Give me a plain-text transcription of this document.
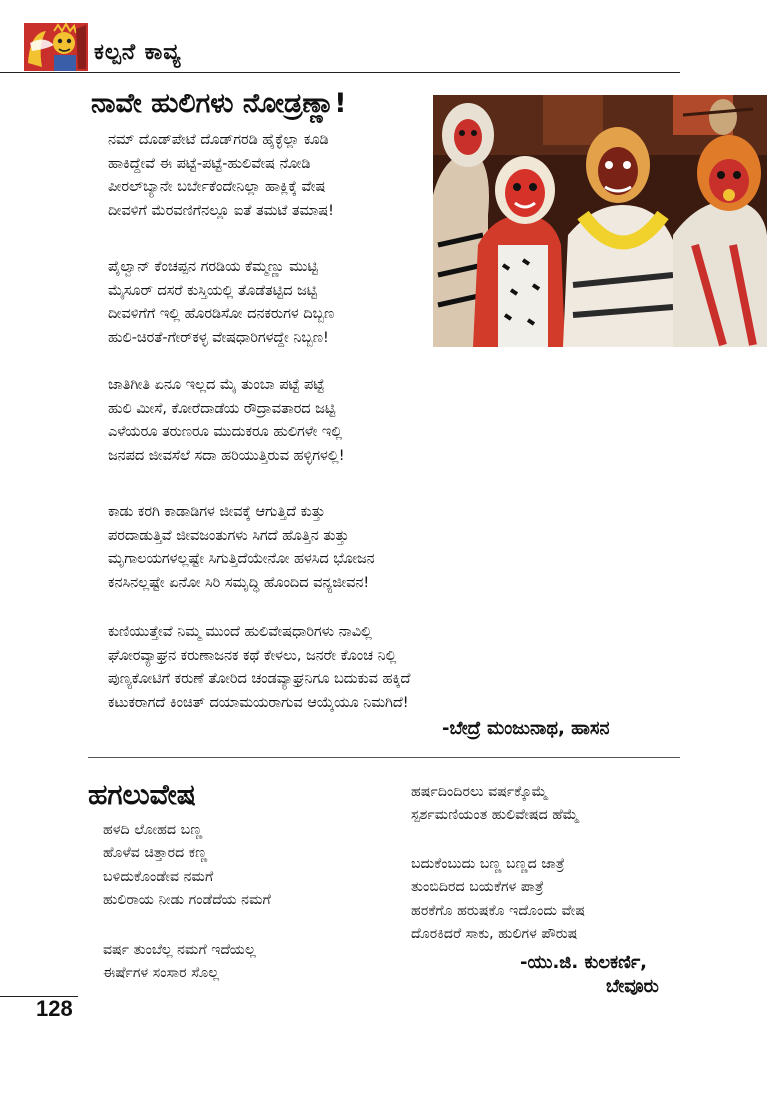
ಕಲ್ಪನೆ ಕಾವ್ಯ
ನಾವೇ ಹುಲಿಗಳು ನೋಡ್ರಣ್ಣಾ!
ನಮ್ ದೊಡ್‌ಪೇಟೆ ದೊಡ್‌ಗರಡಿ ಹೈಕ್ಳೆಲ್ಲಾ ಕೂಡಿ
ಹಾಕಿದ್ದೇವೆ ಈ ಪಟ್ಟೆ-ಪಟ್ಟೆ-ಹುಲಿವೇಷ ನೋಡಿ
ಪೀರಲ್‌ಬ್ಯಾನೇ ಬರ್ಬೇಕೆಂದೇನಿಲ್ಲಾ ಹಾಕ್ಲಿಕ್ಕೆ ವೇಷ
ದೀವಳಿಗೆ ಮೆರವಣಿಗೆನಲ್ಲೂ ಐತೆ ತಮಟೆ ತಮಾಷ!
ಪೈಲ್ವಾನ್ ಕೆಂಚಪ್ಪನ ಗರಡಿಯ ಕೆಮ್ಮಣ್ಣು ಮುಟ್ಟಿ
ಮೈಸೂರ್ ದಸರೆ ಕುಸ್ತಿಯಲ್ಲಿ ತೊಡೆತಟ್ಟಿದ ಜಟ್ಟಿ
ದೀವಳಿಗೆಗೆ ಇಲ್ಲಿ ಹೊರಡಿಸೋ ದನಕರುಗಳ ದಿಬ್ಬಣ
ಹುಲಿ-ಚಿರತೆ-ಗೇರ್‌ಕಳ್ಳ ವೇಷಧಾರಿಗಳದ್ದೇ ನಿಬ್ಬಣ!
ಜಾತಿಗೀತಿ ಏನೂ ಇಲ್ಲದ ಮೈ ತುಂಬಾ ಪಟ್ಟೆ ಪಟ್ಟೆ
ಹುಲಿ ಮೀಸೆ, ಕೋರೆದಾಡೆಯ ರೌದ್ರಾವತಾರದ ಜಟ್ಟಿ
ಎಳೆಯರೂ ತರುಣರೂ ಮುದುಕರೂ ಹುಲಿಗಳೇ ಇಲ್ಲಿ
ಜನಪದ ಜೀವಸೆಲೆ ಸದಾ ಹರಿಯುತ್ತಿರುವ ಹಳ್ಳಿಗಳಲ್ಲಿ!
ಕಾಡು ಕರಗಿ ಕಾಡಾಡಿಗಳ ಜೀವಕ್ಕೆ ಆಗುತ್ತಿದೆ ಕುತ್ತು
ಪರದಾಡುತ್ತಿವೆ ಜೀವಜಂತುಗಳು ಸಿಗದೆ ಹೊತ್ತಿನ ತುತ್ತು
ಮೃಗಾಲಯಗಳಲ್ಲಷ್ಟೇ ಸಿಗುತ್ತಿದೆಯೇನೋ ಹಳಸಿದ ಭೋಜನ
ಕನಸಿನಲ್ಲಷ್ಟೇ ಏನೋ ಸಿರಿ ಸಮೃದ್ಧಿ ಹೊಂದಿದ ವನ್ಯಜೀವನ!
ಕುಣಿಯುತ್ತೇವೆ ನಿಮ್ಮ ಮುಂದೆ ಹುಲಿವೇಷಧಾರಿಗಳು ನಾವಿಲ್ಲಿ
ಘೋರವ್ಯಾಘ್ರನ ಕರುಣಾಜನಕ ಕಥೆ ಕೇಳಲು, ಜನರೇ ಕೊಂಚ ನಿಲ್ಲಿ
ಪುಣ್ಯಕೋಟಿಗೆ ಕರುಣೆ ತೋರಿದ ಚಂಡವ್ಯಾಘ್ರನಿಗೂ ಬದುಕುವ ಹಕ್ಕಿದೆ
ಕಟುಕರಾಗದೆ ಕಿಂಚಿತ್ ದಯಾಮಯರಾಗುವ ಆಯ್ಕೆಯೂ ನಿಮಗಿದೆ!
-ಬೇದ್ರೆ ಮಂಜುನಾಥ, ಹಾಸನ
ಹಗಲುವೇಷ
ಹಳದಿ ಲೋಹದ ಬಣ್ಣ
ಹೊಳೆವ ಚಿತ್ತಾರದ ಕಣ್ಣ
ಬಳಿದುಕೊಂಡೇವ ನಮಗೆ
ಹುಲಿರಾಯ ನೀಡು ಗಂಡೆದೆಯ ನಮಗೆ
ವರ್ಷ ತುಂಬೆಲ್ಲ ನಮಗೆ ಇದೆಯಲ್ಲ
ಈರ್ಷೆಗಳ ಸಂಸಾರ ಸೊಲ್ಲ
ಹರ್ಷದಿಂದಿರಲು ವರ್ಷಕ್ಕೊಮ್ಮೆ
ಸ್ಪರ್ಶಮಣಿಯಂತ ಹುಲಿವೇಷದ ಹೆಮ್ಮೆ
ಬದುಕೆಂಬುದು ಬಣ್ಣ ಬಣ್ಣದ ಜಾತ್ರೆ
ತುಂಬಿದಿರದ ಬಯಕೆಗಳ ಪಾತ್ರೆ
ಹರಕೆಗೊ ಹರುಷಕೊ ಇದೊಂದು ವೇಷ
ದೊರಕಿದರೆ ಸಾಕು, ಹುಲಿಗಳ ಪೌರುಷ
-ಯು.ಜಿ. ಕುಲಕರ್ಣಿ,
ಬೇವೂರು
128
